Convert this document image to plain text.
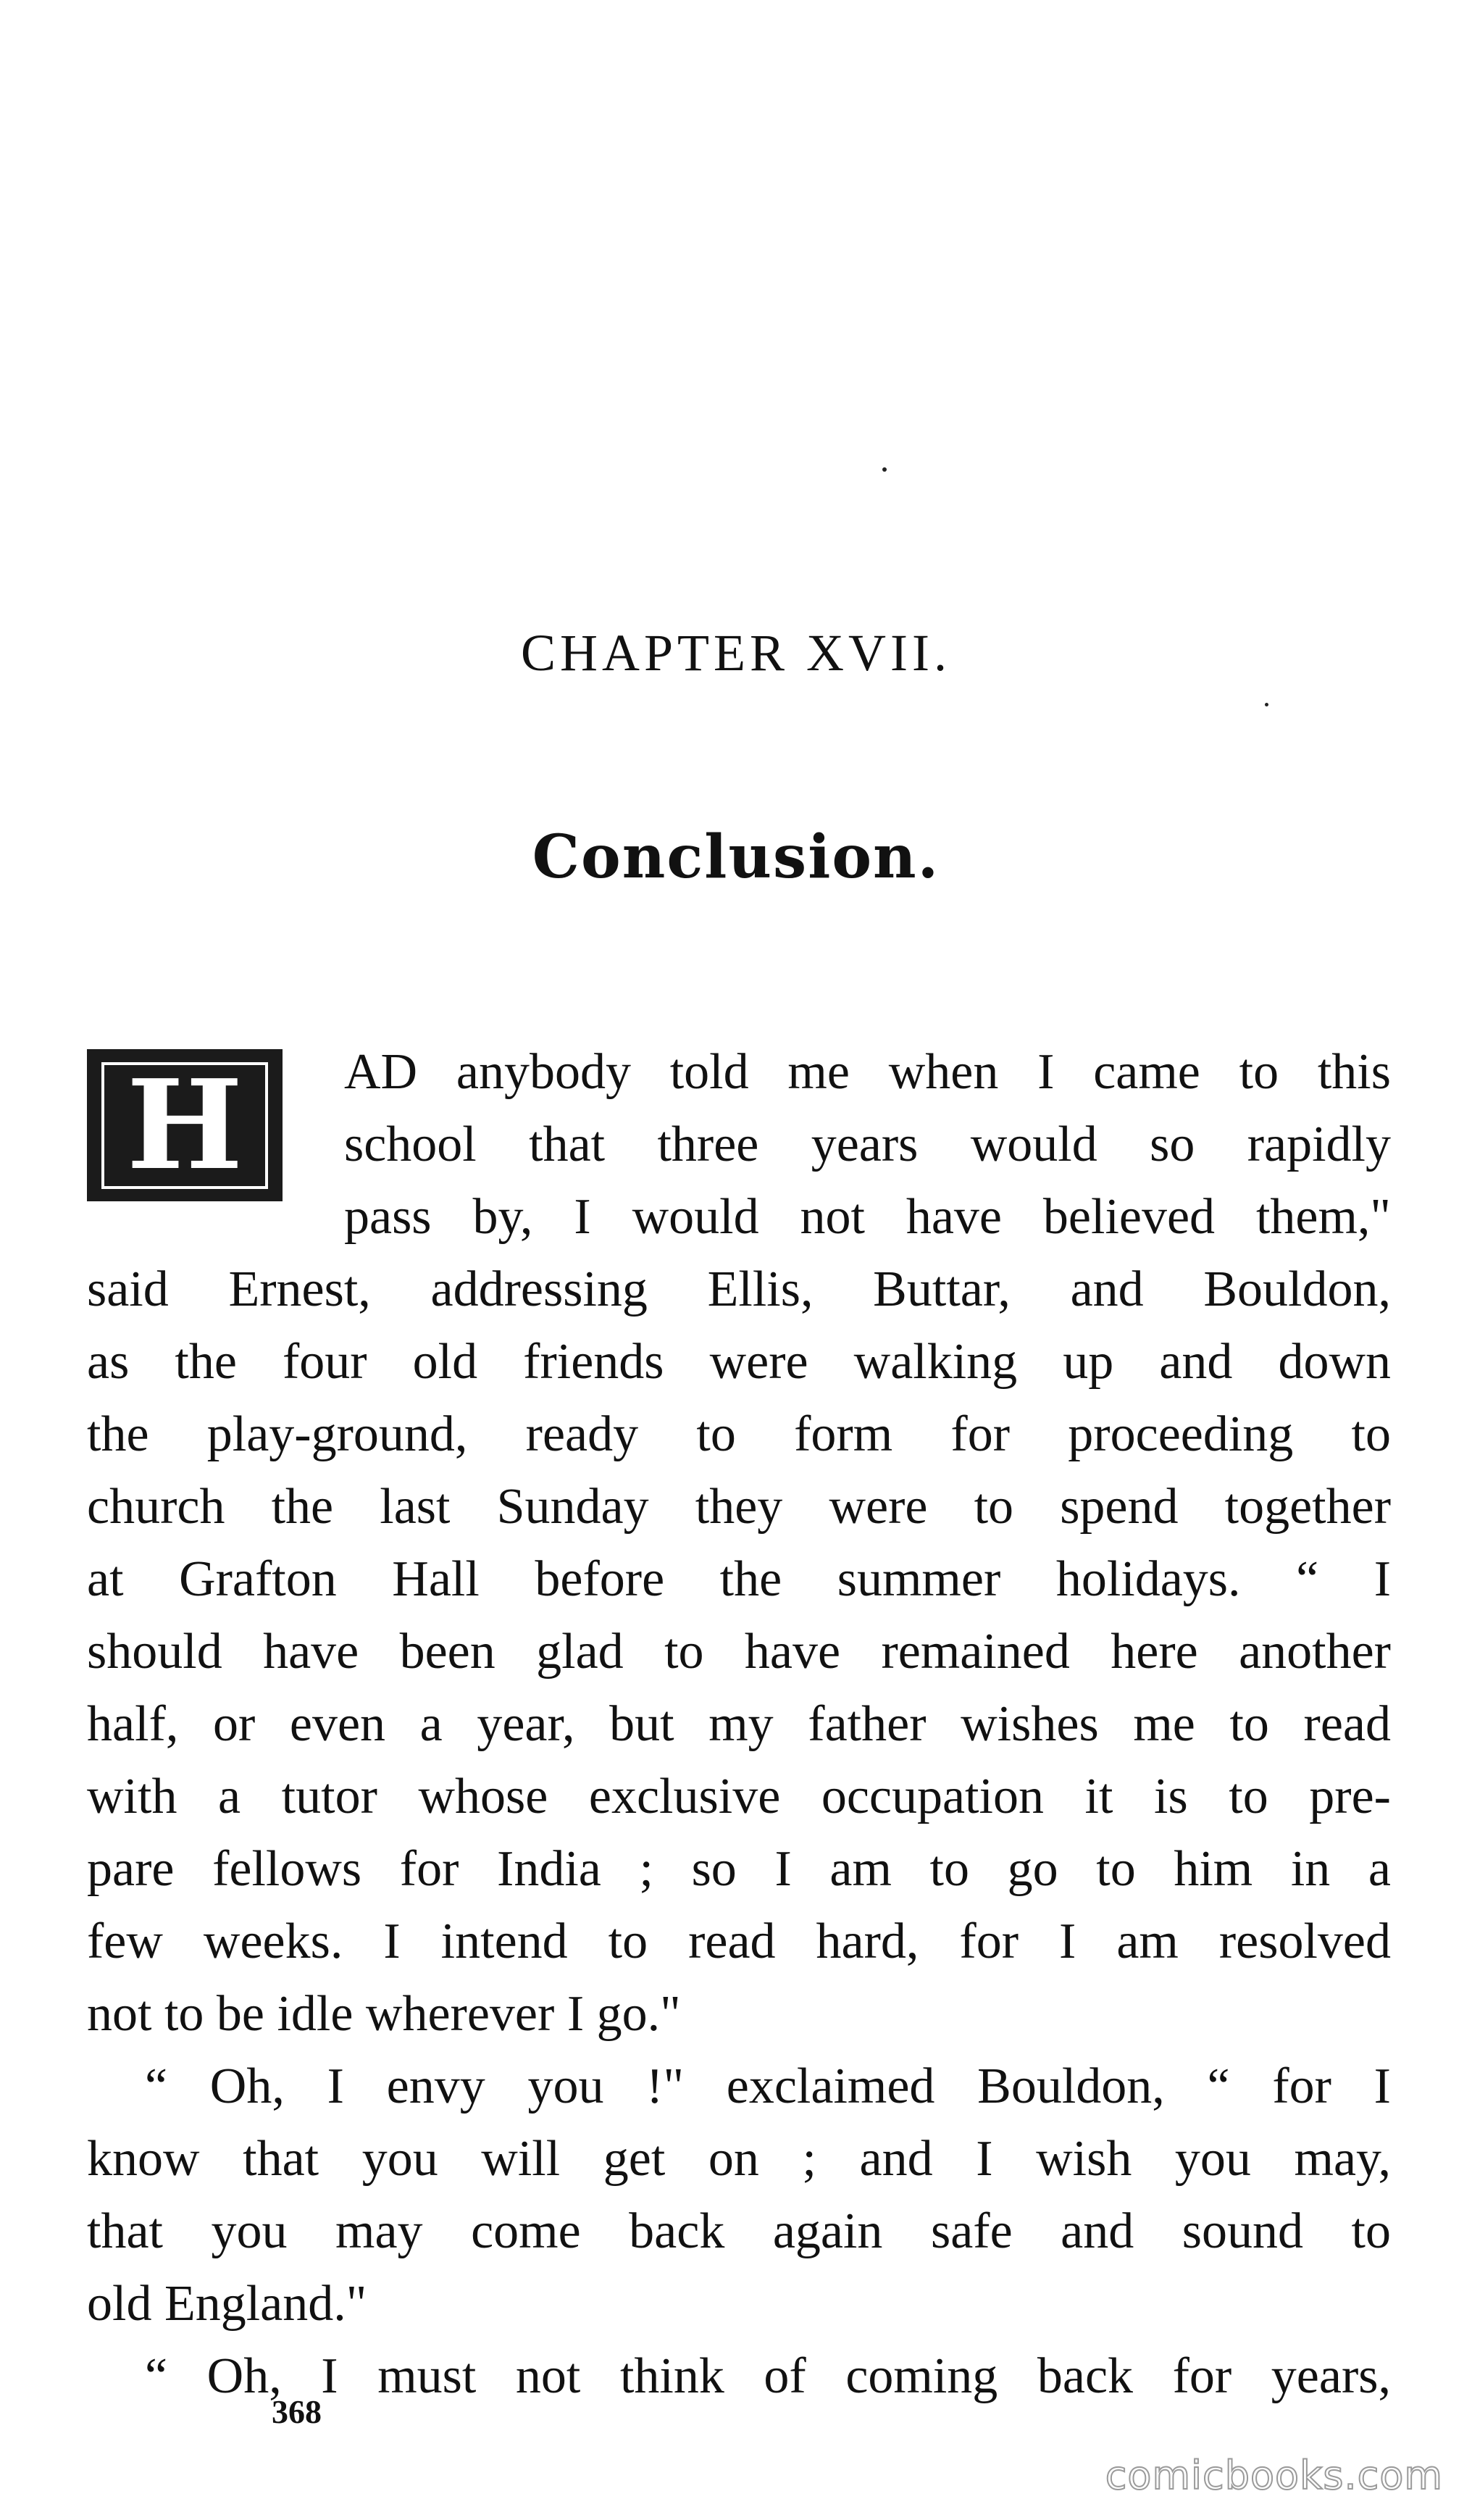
CHAPTER XVII.
Conclusion.
H	AD anybody told me when I came to this
school that three years would so rapidly
pass by, I would not have believed them,"
said Ernest, addressing Ellis, Buttar, and Bouldon,
as the four old friends were walking up and down
the play-ground, ready to form for proceeding to
church the last Sunday they were to spend together
at Grafton Hall before the summer holidays. “ I
should have been glad to have remained here another
half, or even a year, but my father wishes me to read
with a tutor whose exclusive occupation it is to pre-
pare fellows for India ; so I am to go to him in a
few weeks. I intend to read hard, for I am resolved
not to be idle wherever I go."
“ Oh, I envy you !" exclaimed Bouldon, “ for I
know that you will get on ; and I wish you may,
that you may come back again safe and sound to
old England."
“ Oh, I must not think of coming back for years,
368
comicbooks.com
